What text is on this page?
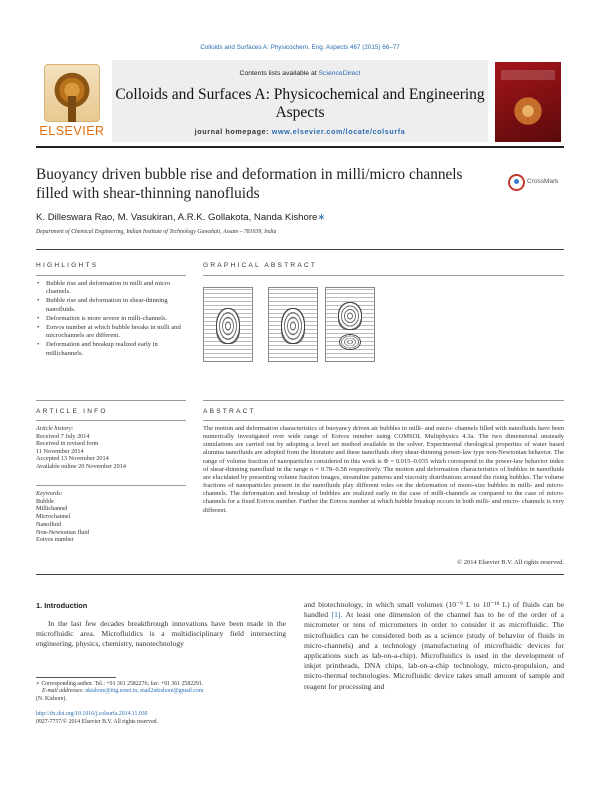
Colloids and Surfaces A: Physicochem. Eng. Aspects 467 (2015) 66–77
ELSEVIER
Contents lists available at ScienceDirect
Colloids and Surfaces A: Physicochemical and Engineering Aspects
journal homepage: www.elsevier.com/locate/colsurfa
Buoyancy driven bubble rise and deformation in milli/micro channels filled with shear-thinning nanofluids
CrossMark
K. Dilleswara Rao, M. Vasukiran, A.R.K. Gollakota, Nanda Kishore∗
Department of Chemical Engineering, Indian Institute of Technology Guwahati, Assam – 781039, India
HIGHLIGHTS
• Bubble rise and deformation in milli and micro channels.
• Bubble rise and deformation in shear-thinning nanofluids.
• Deformation is more severe in milli-channels.
• Eotvos number at which bubble breaks in milli and microchannels are different.
• Deformation and breakup realized early in millichannels.
GRAPHICAL ABSTRACT
ARTICLE INFO
Article history:
Received 7 July 2014
Received in revised form
11 November 2014
Accepted 13 November 2014
Available online 20 November 2014
Keywords:
Bubble
Millichannel
Microchannel
Nanofluid
Non-Newtonian fluid
Eotvos number
ABSTRACT

The motion and deformation characteristics of buoyancy driven air bubbles in milli- and micro- channels filled with nanofluids have been numerically investigated over wide range of Eotvos number using COMSOL Multiphysics 4.3a. The two dimensional unsteady simulations are carried out by adopting a level set method available in the solver. Experimental rheological properties of water based alumina nanofluids are adopted from the literature and these nanofluids obey shear-thinning power-law type non-Newtonian behavior. The range of volume fraction of nanoparticles considered in this work is Φ = 0.015–0.035 which correspond to the power-law behavior index of shear-thinning nanofluid in the range n = 0.78–0.58 respectively. The motion and deformation characteristics of bubbles in nanofluids are elucidated by presenting volume fraction images, streamline patterns and viscosity distributions around the rising bubbles. The volume fractions of nanoparticles present in the nanofluids play different roles on the deformation of mono-size bubbles in milli- and micro- channels. The deformation and breakup of bubbles are realized early in the case of milli-channels as compared to the case of micro-channels for a fixed Eotvos number. Further the Eotvos number at which bubble breakup occurs in both milli- and micro- channels is very different.

© 2014 Elsevier B.V. All rights reserved.
1. Introduction

In the last few decades breakthrough innovations have been made in the microfluidic area. Microfluidics is a multidisciplinary field intersecting engineering, physics, chemistry, nanotechnology

and biotechnology, in which small volumes (10⁻⁹ L to 10⁻¹⁸ L) of fluids can be handled [1]. At least one dimension of the channel has to be of the order of a micrometer or tens of micrometers in order to consider it as microfluidic. The microfluidics can be considered both as a science (study of behavior of fluids in micro-channels) and a technology (manufacturing of microfluidic devices for applications such as lab-on-a-chip). Microfluidics is used in the development of inkjet printheads, DNA chips, lab-on-a-chip technology, micro-propulsion, and micro-thermal technologies. Microfluidic device takes small amount of sample and reagent for processing and

∗ Corresponding author. Tel.: +91 361 2582276; fax: +91 361 2582291.
E-mail addresses: nkishore@iitg.ernet.in, mail2nkishore@gmail.com
(N. Kishore).
http://dx.doi.org/10.1016/j.colsurfa.2014.11.030
0927-7757/© 2014 Elsevier B.V. All rights reserved.
